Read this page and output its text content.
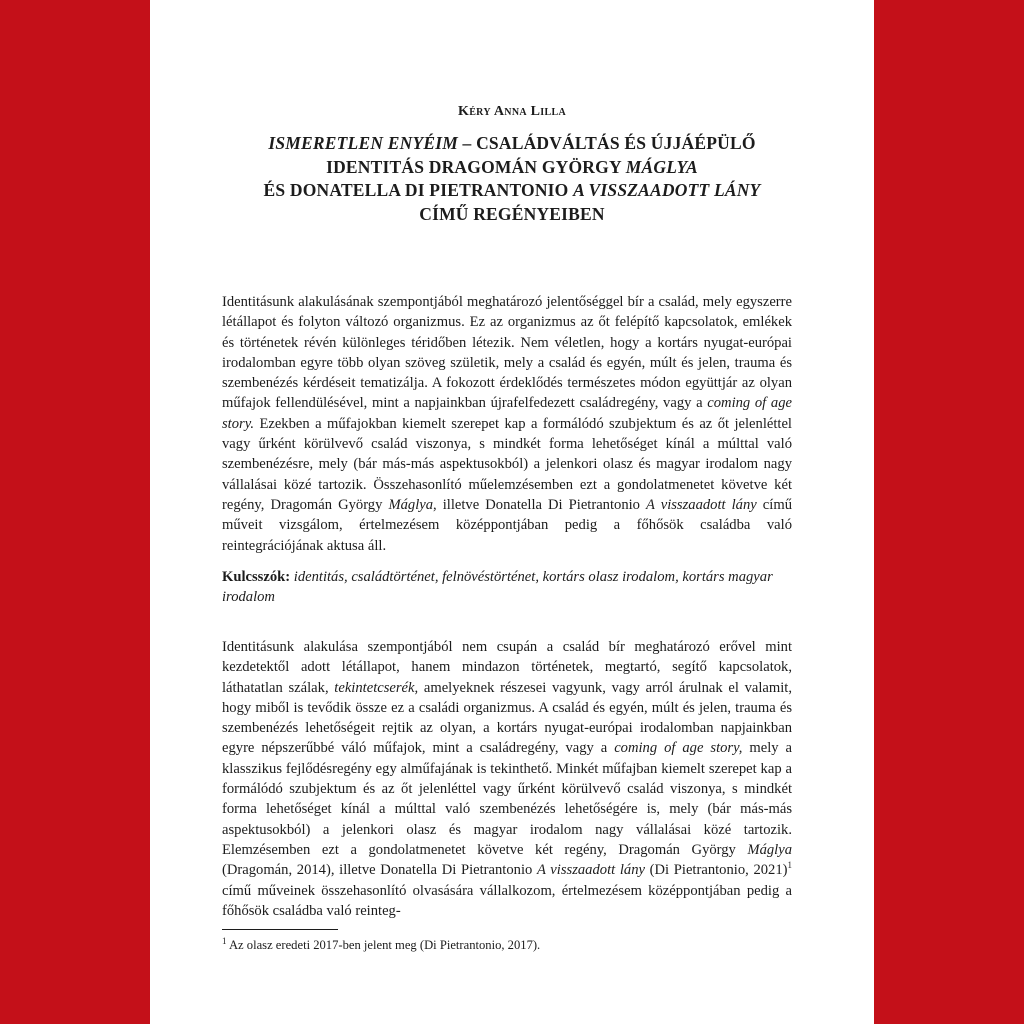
Kéry Anna Lilla
ISMERETLEN ENYÉIM – CSALÁDVÁLTÁS ÉS ÚJJÁÉPÜLŐ
IDENTITÁS DRAGOMÁN GYÖRGY MÁGLYA
ÉS DONATELLA DI PIETRANTONIO A VISSZAADOTT LÁNY
CÍMŰ REGÉNYEIBEN
Identitásunk alakulásának szempontjából meghatározó jelentőséggel bír a család, mely egyszerre létállapot és folyton változó organizmus. Ez az organizmus az őt felépítő kapcsolatok, emlékek és történetek révén különleges téridőben létezik. Nem véletlen, hogy a kortárs nyugat-európai irodalomban egyre több olyan szöveg születik, mely a család és egyén, múlt és jelen, trauma és szembenézés kérdéseit tematizálja. A fokozott érdeklődés természetes módon együttjár az olyan műfajok fellendülésével, mint a napjainkban újrafelfedezett családregény, vagy a coming of age story. Ezekben a műfajokban kiemelt szerepet kap a formálódó szubjektum és az őt jelenléttel vagy űrként körülvevő család viszonya, s mindkét forma lehetőséget kínál a múlttal való szembenézésre, mely (bár más-más aspektusokból) a jelenkori olasz és magyar irodalom nagy vállalásai közé tartozik. Összehasonlító műelemzésemben ezt a gondolatmenetet követve két regény, Dragomán György Máglya, illetve Donatella Di Pietrantonio A visszaadott lány című műveit vizsgálom, értelmezésem középpontjában pedig a főhősök családba való reintegrációjának aktusa áll.
Kulcsszók: identitás, családtörténet, felnövéstörténet, kortárs olasz irodalom, kortárs magyar irodalom
Identitásunk alakulása szempontjából nem csupán a család bír meghatározó erővel mint kezdetektől adott létállapot, hanem mindazon történetek, megtartó, segítő kapcsolatok, láthatatlan szálak, tekintetcserék, amelyeknek részesei vagyunk, vagy arról árulnak el valamit, hogy miből is tevődik össze ez a családi organizmus. A család és egyén, múlt és jelen, trauma és szembenézés lehetőségeit rejtik az olyan, a kortárs nyugat-európai irodalomban napjainkban egyre népszerűbbé váló műfajok, mint a családregény, vagy a coming of age story, mely a klasszikus fejlődésregény egy alműfajának is tekinthető. Minkét műfajban kiemelt szerepet kap a formálódó szubjektum és az őt jelenléttel vagy űrként körülvevő család viszonya, s mindkét forma lehetőséget kínál a múlttal való szembenézés lehetőségére is, mely (bár más-más aspektusokból) a jelenkori olasz és magyar irodalom nagy vállalásai közé tartozik. Elemzésemben ezt a gondolatmenetet követve két regény, Dragomán György Máglya (Dragomán, 2014), illetve Donatella Di Pietrantonio A visszaadott lány (Di Pietrantonio, 2021)$^1$ című műveinek összehasonlító olvasására vállalkozom, értelmezésem középpontjában pedig a főhősök családba való reinteg-
$^1$ Az olasz eredeti 2017-ben jelent meg (Di Pietrantonio, 2017).
